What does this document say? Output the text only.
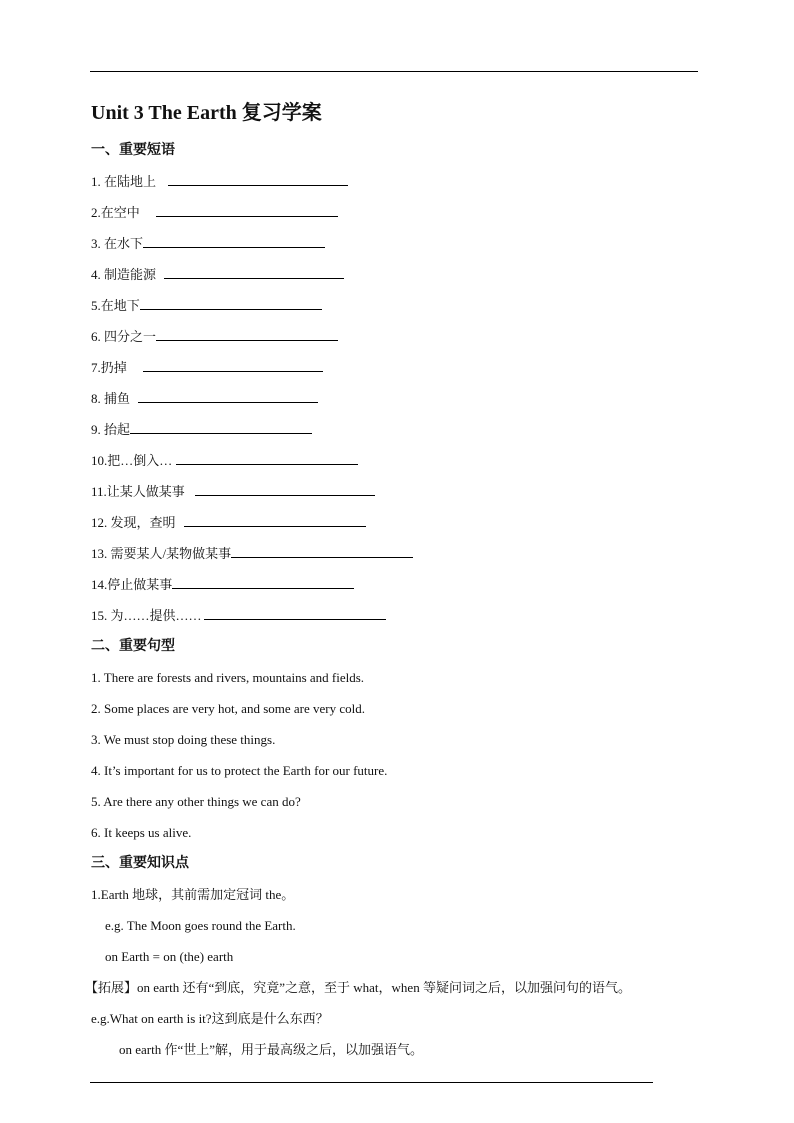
Unit 3 The Earth 复习学案
一、重要短语
1. 在陆地上
2.在空中
3. 在水下
4. 制造能源
5.在地下
6. 四分之一
7.扔掉
8. 捕鱼
9. 抬起
10.把…倒入…
11.让某人做某事
12. 发现，查明
13. 需要某人/某物做某事
14.停止做某事
15. 为……提供……
二、重要句型
1. There are forests and rivers, mountains and fields.
2. Some places are very hot, and some are very cold.
3. We must stop doing these things.
4. It’s important for us to protect the Earth for our future.
5. Are there any other things we can do?
6. It keeps us alive.
三、重要知识点
1.Earth 地球，其前需加定冠词 the。
e.g. The Moon goes round the Earth.
on Earth = on (the) earth
【拓展】on earth 还有“到底，究竟”之意，至于 what，when 等疑问词之后，以加强问句的语气。
e.g.What on earth is it?这到底是什么东西？
on earth 作“世上”解，用于最高级之后，以加强语气。
